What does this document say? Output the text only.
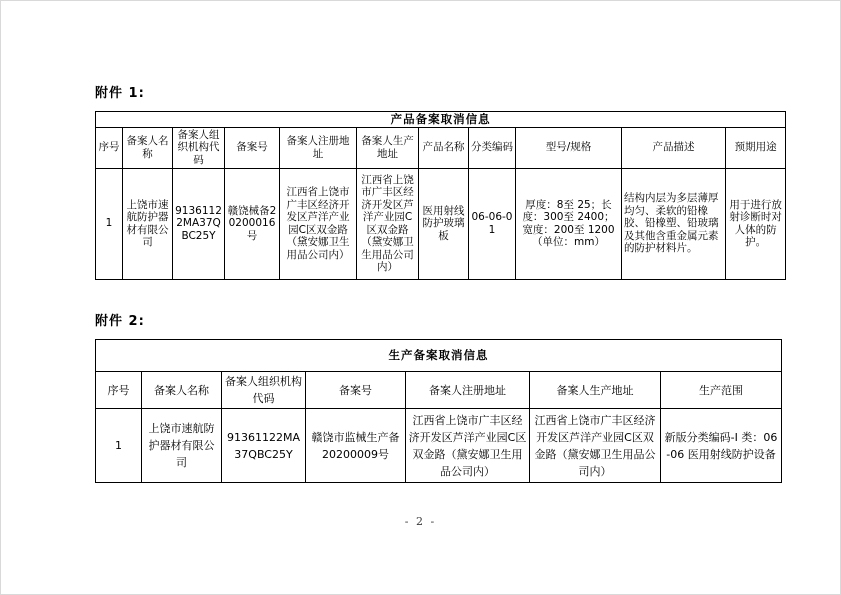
附件 1:
产品备案取消信息										
序号	备案人名称	备案人组织机构代码	备案号	备案人注册地址	备案人生产地址	产品名称	分类编码	型号/规格	产品描述	预期用途
1	上饶市速航防护器材有限公司	91361122MA37QBC25Y	赣饶械备20200016号	江西省上饶市广丰区经济开发区芦洋产业园C区双金路（黛安娜卫生用品公司内）	江西省上饶市广丰区经济开发区芦洋产业园C区双金路（黛安娜卫生用品公司内）	医用射线防护玻璃板	06-06-01	厚度：8至 25；长度：300至 2400；宽度：200至 1200（单位：mm）	结构内层为多层薄厚均匀、柔软的铅橡胶、铅橡塑、铅玻璃及其他含重金属元素的防护材料片。	用于进行放射诊断时对人体的防护。
附件 2:
生产备案取消信息						
序号	备案人名称	备案人组织机构代码	备案号	备案人注册地址	备案人生产地址	生产范围
1	上饶市速航防护器材有限公司	91361122MA37QBC25Y	赣饶市监械生产备 20200009号	江西省上饶市广丰区经济开发区芦洋产业园C区双金路（黛安娜卫生用品公司内）	江西省上饶市广丰区经济开发区芦洋产业园C区双金路（黛安娜卫生用品公司内）	新版分类编码-Ⅰ 类：06-06 医用射线防护设备
- 2 -
